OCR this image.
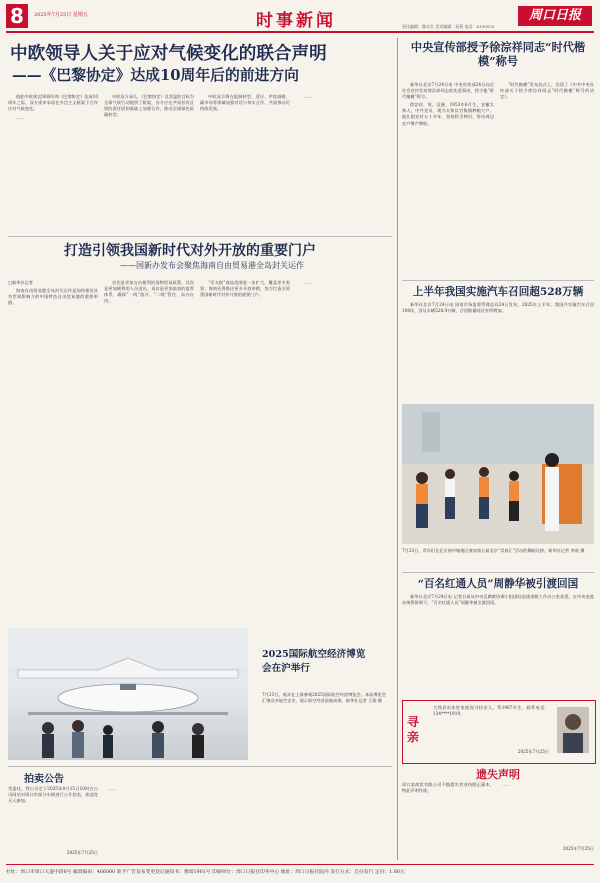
8	2025年7月25日 星期五	时事新闻	周口日报
责任编辑：滕永生 美术编辑：侯燕 电话：6199053
中欧领导人关于应对气候变化的联合声明
——《巴黎协定》达成10周年后的前进方向

值此中欧建交50周年和《巴黎协定》达成10周年之际，双方重申承诺在多边主义框架下合作应对气候变化。

……

中欧双方承认，《巴黎协定》及其温控目标为全球气候行动提供了框架，各方应在共同但有区别的责任原则基础上加强合作，推动全球绿色低碳转型。

中欧双方将在能源转型、适应、甲烷减排、碳市场等领域加强对话与务实合作，共同推动可持续发展。

……

打造引领我国新时代对外开放的重要门户
——国新办发布会聚焦海南自由贸易港全岛封关运作

□新华社记者

海南自由贸易港全岛封关运作是加快建设具有世界影响力的中国特色自由贸易港的重要举措。

首先是更加自由便利的货物贸易政策，其次是更加便利的人员进出，再次是更加高效的监管体系，确保“一线”放开、“二线”管住、岛内自由。

“零关税”商品范围进一步扩大，覆盖更多类别；海南还将推出更多开放举措，努力打造引领我国新时代对外开放的重要门户。

……

2025国际航空经济博览会在沪举行
7月23日，观众在上海参观2025国际航空经济博览会。本届博览会汇聚众多航空企业，展示低空经济最新成果。新华社记者 王翔 摄
拍卖公告
受委托，我公司定于2025年8月15日10时在公司网站对周口市部分车辆进行公开拍卖，欢迎竞买人参加。
2025年7月25日
……
中央宣传部授予徐淙祥同志“时代楷模”称号

新华社北京7月24日电 中央宣传部24日向全社会宣传发布徐淙祥同志的先进事迹，授予他“时代楷模”称号。

徐淙祥，男，汉族，1953年6月生，安徽太和人，中共党员，现为太和县宫集镇种粮大户。他扎根农村五十多年，坚持科学种田，带动周边农户增产增收。

“时代楷模”发布仪式上，宣读了《中共中央宣传部关于授予徐淙祥同志“时代楷模”称号的决定》。

上半年我国实施汽车召回超528万辆

新华社北京7月24日电 国家市场监督管理总局24日发布，2025年上半年，我国共实施汽车召回108次，涉及车辆528.9万辆，召回数量同比有所增加。

7月23日，青年们在北京南中轴地区参加第五届北京“青春汇”活动的舞蹈比拼。新华社记者 李欣 摄
“百名红通人员”周静华被引渡回国

新华社北京7月24日电 记者日前从中央反腐败协调小组国际追逃追赃工作办公室获悉，在中央追逃办统筹协调下，“百名红通人员”周静华被引渡回国。

寻亲
大徐县东张姓家庭现寻找亲人，系1967年生，联系电话：134****1919。
2025年7月25日
遗失声明
周口某商贸有限公司不慎遗失营业执照正副本，特此声明作废。
2025年7月25日
……
社址：周口市周口大道中段6号 邮政编码：466000 准予广告发布变更登记通知书：豫周1901号 印刷单位：周口日报社印务中心 地址：周口日报社院内 发行方式：自办发行 定价：1.80元
